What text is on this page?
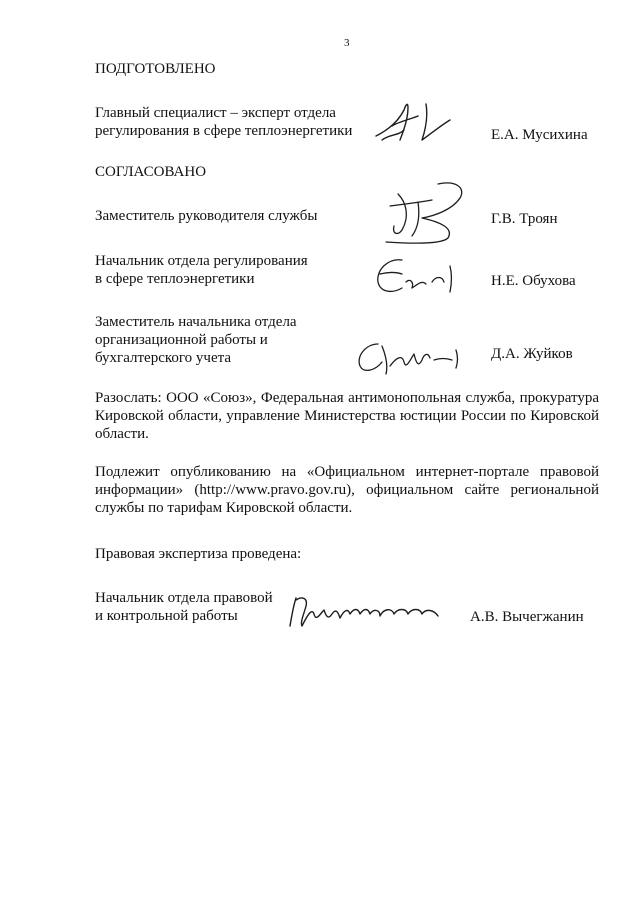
3
ПОДГОТОВЛЕНО
Главный специалист – эксперт отдела
регулирования в сфере теплоэнергетики	Е.А. Мусихина
СОГЛАСОВАНО
Заместитель руководителя службы	Г.В. Троян
Начальник отдела регулирования
в сфере теплоэнергетики	Н.Е. Обухова
Заместитель начальника отдела
организационной работы и
бухгалтерского учета	Д.А. Жуйков
Разослать: ООО «Союз», Федеральная антимонопольная служба, прокуратура Кировской области, управление Министерства юстиции России по Кировской области.
Подлежит опубликованию на «Официальном интернет-портале правовой информации» (http://www.pravo.gov.ru), официальном сайте региональной службы по тарифам Кировской области.
Правовая экспертиза проведена:
Начальник отдела правовой
и контрольной работы	А.В. Вычегжанин
